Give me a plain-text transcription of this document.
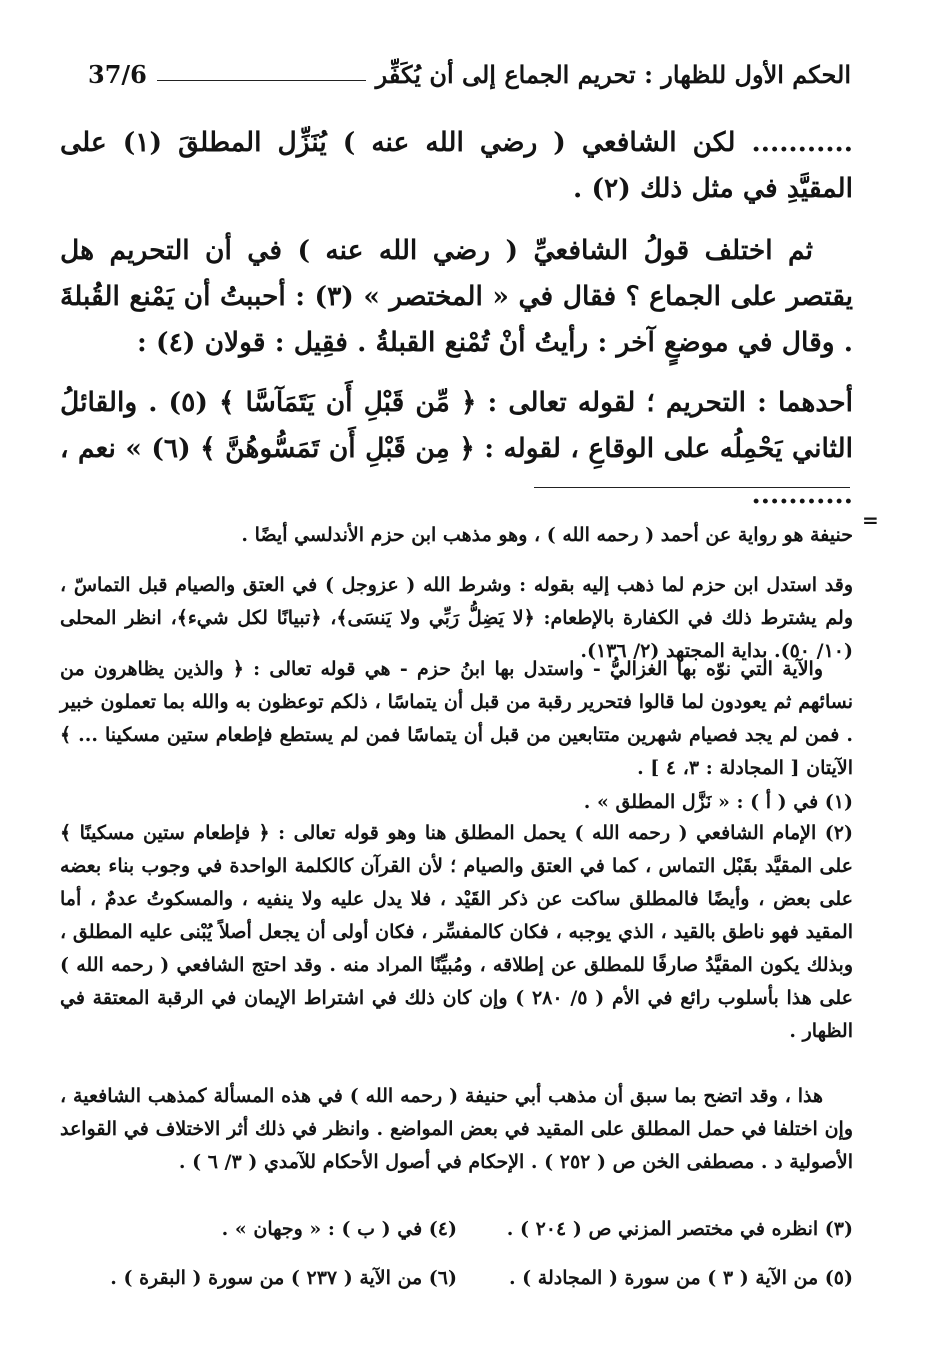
الحكم الأول للظهار : تحريم الجماع إلى أن يُكَفِّر
37/6
........... لكن الشافعي ( رضي الله عنه ) يُنَزِّل المطلقَ (١) على المقيَّدِ في مثل ذلك (٢) .
ثم اختلف قولُ الشافعيِّ ( رضي الله عنه ) في أن التحريم هل يقتصر على الجماع ؟ فقال في « المختصر » (٣) : أحببتُ أن يَمْنع القُبلةَ . وقال في موضعٍ آخر : رأيتُ أنْ تُمْنع القبلةُ . فقِيل : قولان (٤) :
أحدهما : التحريم ؛ لقوله تعالى : ﴿ مِّن قَبْلِ أَن يَتَمَآسَّا ﴾ (٥) . والقائلُ الثاني يَحْمِلُه على الوقاعِ ، لقوله : ﴿ مِن قَبْلِ أَن تَمَسُّوهُنَّ ﴾ (٦) » نعم ، ...........
=
حنيفة هو رواية عن أحمد ( رحمه الله ) ، وهو مذهب ابن حزم الأندلسي أيضًا .
وقد استدل ابن حزم لما ذهب إليه بقوله : وشرط الله ( عزوجل ) في العتق والصيام قبل التماسّ ، ولم يشترط ذلك في الكفارة بالإطعام: ﴿لا يَضِلُّ رَبِّي ولا يَنسَى﴾، ﴿تبيانًا لكل شيء﴾، انظر المحلى (١٠/ ٥٠). بداية المجتهد (٢/ ١٣٦).
والآية التي نوّه بها الغزاليُّ - واستدل بها ابنُ حزم - هي قوله تعالى : ﴿ والذين يظاهرون من نسائهم ثم يعودون لما قالوا فتحرير رقبة من قبل أن يتماسًا ، ذلكم توعظون به والله بما تعملون خبير . فمن لم يجد فصيام شهرين متتابعين من قبل أن يتماسًا فمن لم يستطع فإطعام ستين مسكينا ... ﴾ الآيتان [ المجادلة : ٣، ٤ ] .
(١) في ( أ ) : « نَزَّل المطلق » .
(٢) الإمام الشافعي ( رحمه الله ) يحمل المطلق هنا وهو قوله تعالى : ﴿ فإطعام ستين مسكينًا ﴾ على المقيَّد بقَبْل التماس ، كما في العتق والصيام ؛ لأن القرآن كالكلمة الواحدة في وجوب بناء بعضه على بعض ، وأيضًا فالمطلق ساكت عن ذكر القَيْد ، فلا يدل عليه ولا ينفيه ، والمسكوتُ عدمٌ ، أما المقيد فهو ناطق بالقيد ، الذي يوجبه ، فكان كالمفسِّر ، فكان أولى أن يجعل أصلاً يُبْنى عليه المطلق ، وبذلك يكون المقيَّدُ صارفًا للمطلق عن إطلاقه ، ومُبيِّنًا المراد منه . وقد احتج الشافعي ( رحمه الله ) على هذا بأسلوب رائع في الأم ( ٥/ ٢٨٠ ) وإن كان ذلك في اشتراط الإيمان في الرقبة المعتقة في الظهار .
هذا ، وقد اتضح بما سبق أن مذهب أبي حنيفة ( رحمه الله ) في هذه المسألة كمذهب الشافعية ، وإن اختلفا في حمل المطلق على المقيد في بعض المواضع . وانظر في ذلك أثر الاختلاف في القواعد الأصولية د . مصطفى الخن ص ( ٢٥٢ ) . الإحكام في أصول الأحكام للآمدي ( ٣/ ٦ ) .
(٣) انظره في مختصر المزني ص ( ٢٠٤ ) .
(٤) في ( ب ) : « وجهان » .
(٥) من الآية ( ٣ ) من سورة ( المجادلة ) .
(٦) من الآية ( ٢٣٧ ) من سورة ( البقرة ) .
